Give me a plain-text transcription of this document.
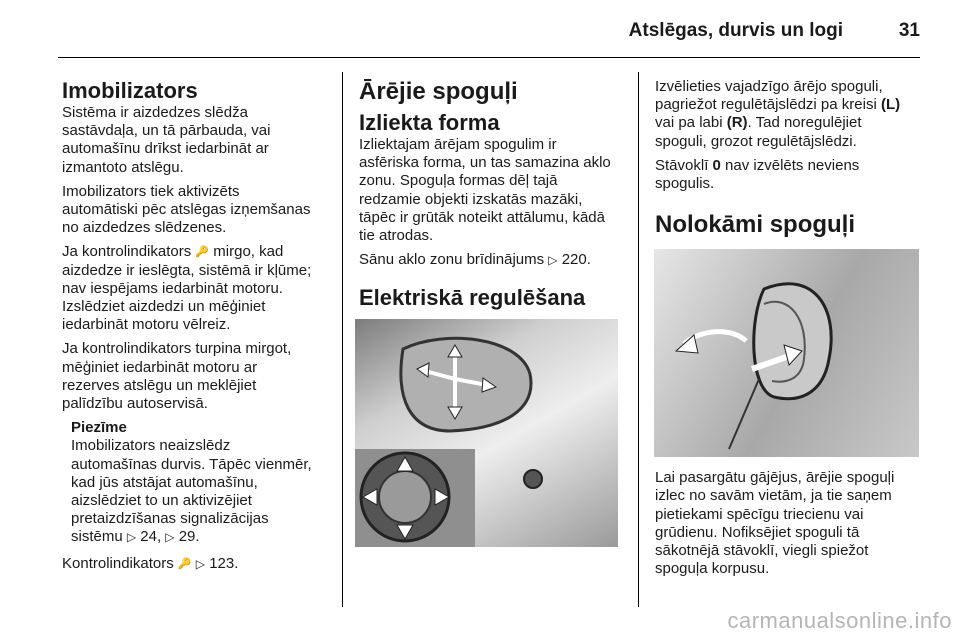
Atslēgas, durvis un logi	31
Imobilizators

Sistēma ir aizdedzes slēdža
sastāvdaļa, un tā pārbauda, vai
automašīnu drīkst iedarbināt ar
izmantoto atslēgu.

Imobilizators tiek aktivizēts
automātiski pēc atslēgas izņemšanas
no aizdedzes slēdzenes.

Ja kontrolindikators 🔑 mirgo, kad
aizdedze ir ieslēgta, sistēmā ir kļūme;
nav iespējams iedarbināt motoru.
Izslēdziet aizdedzi un mēģiniet
iedarbināt motoru vēlreiz.

Ja kontrolindikators turpina mirgot,
mēģiniet iedarbināt motoru ar
rezerves atslēgu un meklējiet
palīdzību autoservisā.

Piezīme

Imobilizators neaizslēdz
automašīnas durvis. Tāpēc vienmēr,
kad jūs atstājat automašīnu,
aizslēdziet to un aktivizējiet
pretaizdzīšanas signalizācijas
sistēmu ▷ 24, ▷ 29.

Kontrolindikators 🔑 ▷ 123.

Ārējie spoguļi
Izliekta forma

Izliektajam ārējam spogulim ir
asfēriska forma, un tas samazina aklo
zonu. Spoguļa formas dēļ tajā
redzamie objekti izskatās mazāki,
tāpēc ir grūtāk noteikt attālumu, kādā
tie atrodas.

Sānu aklo zonu brīdinājums ▷ 220.

Elektriskā regulēšana

Izvēlieties vajadzīgo ārējo spoguli,
pagriežot regulētājslēdzi pa kreisi (L)
vai pa labi (R). Tad noregulējiet
spoguli, grozot regulētājslēdzi.

Stāvoklī 0 nav izvēlēts neviens
spogulis.

Nolokāmi spoguļi

Lai pasargātu gājējus, ārējie spoguļi
izlec no savām vietām, ja tie saņem
pietiekami spēcīgu triecienu vai
grūdienu. Nofiksējiet spoguli tā
sākotnējā stāvoklī, viegli spiežot
spoguļa korpusu.

carmanualsonline.info
